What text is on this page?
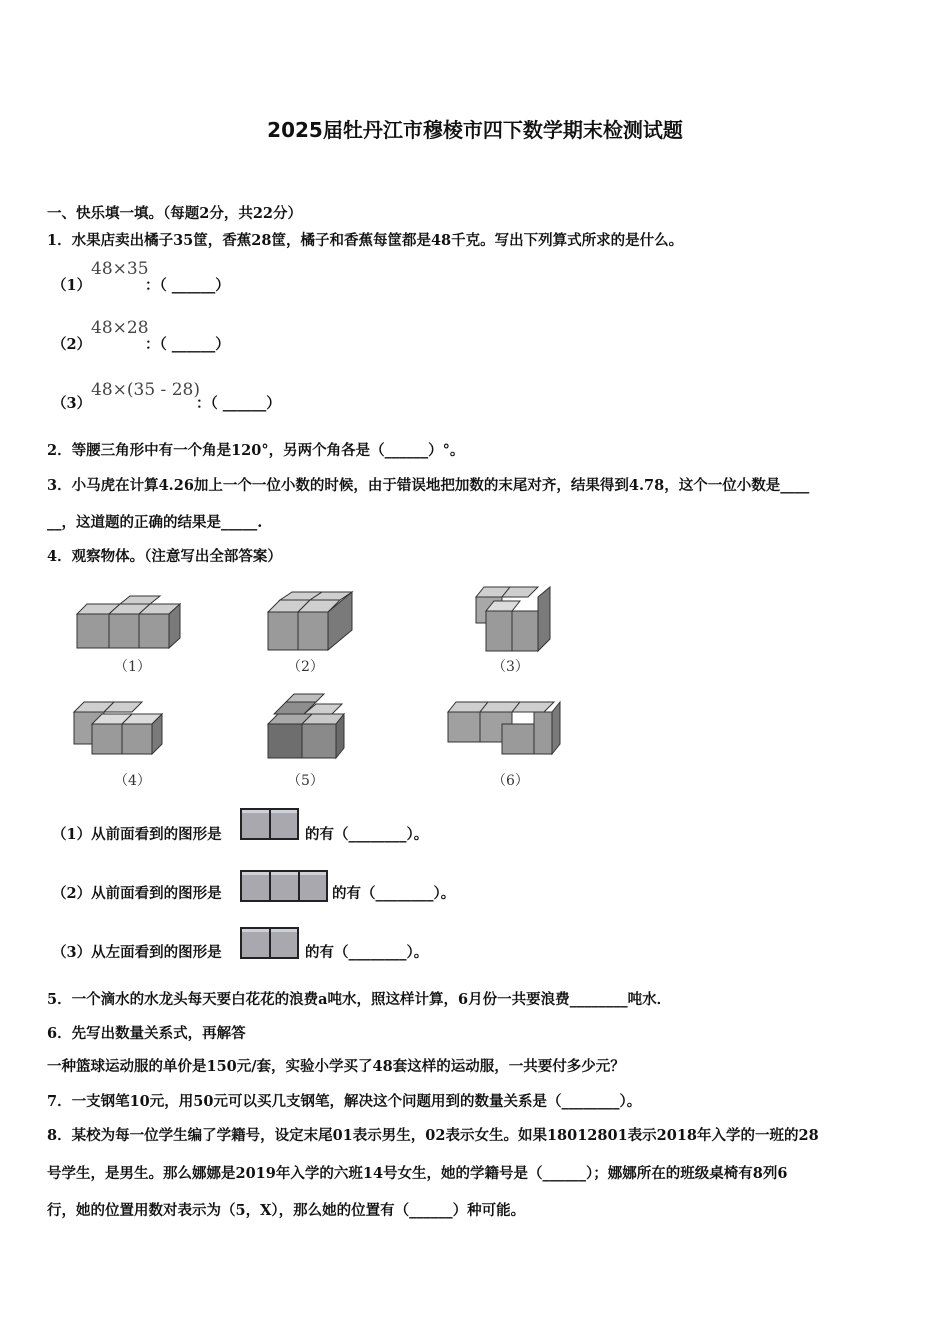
2025届牡丹江市穆棱市四下数学期末检测试题
一、快乐填一填。（每题2分，共22分）
1．水果店卖出橘子35筐，香蕉28筐，橘子和香蕉每筐都是48千克。写出下列算式所求的是什么。
（1）
48×35
：（ ______）
（2）
48×28
：（ ______）
（3）
48×(35 - 28)
：（ ______）
2．等腰三角形中有一个角是120°，另两个角各是（______）°。
3．小马虎在计算4.26加上一个一位小数的时候，由于错误地把加数的末尾对齐，结果得到4.78，这个一位小数是____
__，这道题的正确的结果是_____.
4．观察物体。（注意写出全部答案）
（1）	（2）	（3）
（4）	（5）	（6）
（1）从前面看到的图形是	的有（________）。
（2）从前面看到的图形是	的有（________）。
（3）从左面看到的图形是	的有（________）。
5．一个滴水的水龙头每天要白花花的浪费a吨水，照这样计算，6月份一共要浪费________吨水．
6．先写出数量关系式，再解答
一种篮球运动服的单价是150元/套，实验小学买了48套这样的运动服，一共要付多少元？
7．一支钢笔10元，用50元可以买几支钢笔，解决这个问题用到的数量关系是（________）。
8．某校为每一位学生编了学籍号，设定末尾01表示男生，02表示女生。如果18012801表示2018年入学的一班的28
号学生，是男生。那么娜娜是2019年入学的六班14号女生，她的学籍号是（______）；娜娜所在的班级桌椅有8列6
行，她的位置用数对表示为（5，X），那么她的位置有（______）种可能。
